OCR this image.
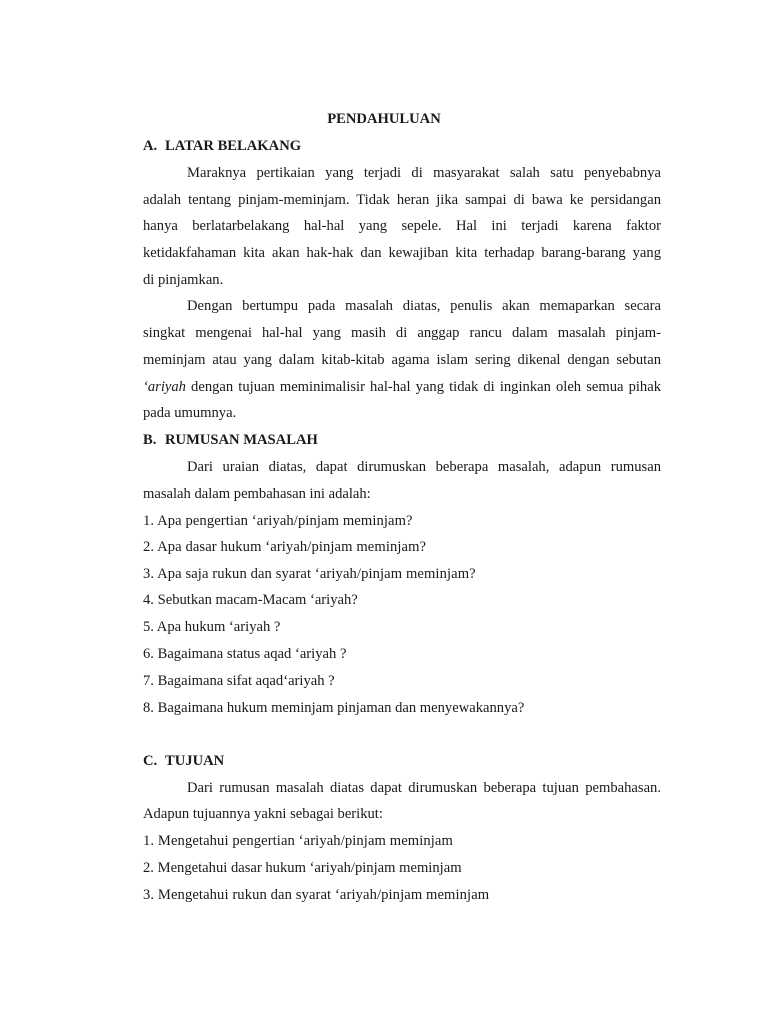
PENDAHULUAN
A. LATAR BELAKANG
Maraknya pertikaian yang terjadi di masyarakat salah satu penyebabnya
adalah tentang pinjam-meminjam. Tidak heran jika sampai di bawa ke persidangan
hanya berlatarbelakang hal-hal yang sepele. Hal ini terjadi karena faktor
ketidakfahaman kita akan hak-hak dan kewajiban kita terhadap barang-barang yang
di pinjamkan.
Dengan bertumpu pada masalah diatas, penulis akan memaparkan secara
singkat mengenai hal-hal yang masih di anggap rancu dalam masalah pinjam-
meminjam atau yang dalam kitab-kitab agama islam sering dikenal dengan sebutan
‘ariyah dengan tujuan meminimalisir hal-hal yang tidak di inginkan oleh semua pihak
pada umumnya.
B. RUMUSAN MASALAH
Dari uraian diatas, dapat dirumuskan beberapa masalah, adapun rumusan
masalah dalam pembahasan ini adalah:
1. Apa pengertian ‘ariyah/pinjam meminjam?
2. Apa dasar hukum ‘ariyah/pinjam meminjam?
3. Apa saja rukun dan syarat ‘ariyah/pinjam meminjam?
4. Sebutkan macam-Macam ‘ariyah?
5. Apa hukum ‘ariyah ?
6. Bagaimana status aqad ‘ariyah ?
7. Bagaimana sifat aqad‘ariyah ?
8. Bagaimana hukum meminjam pinjaman dan menyewakannya?
C. TUJUAN
Dari rumusan masalah diatas dapat dirumuskan beberapa tujuan pembahasan.
Adapun tujuannya yakni sebagai berikut:
1. Mengetahui pengertian ‘ariyah/pinjam meminjam
2. Mengetahui dasar hukum ‘ariyah/pinjam meminjam
3. Mengetahui rukun dan syarat ‘ariyah/pinjam meminjam
